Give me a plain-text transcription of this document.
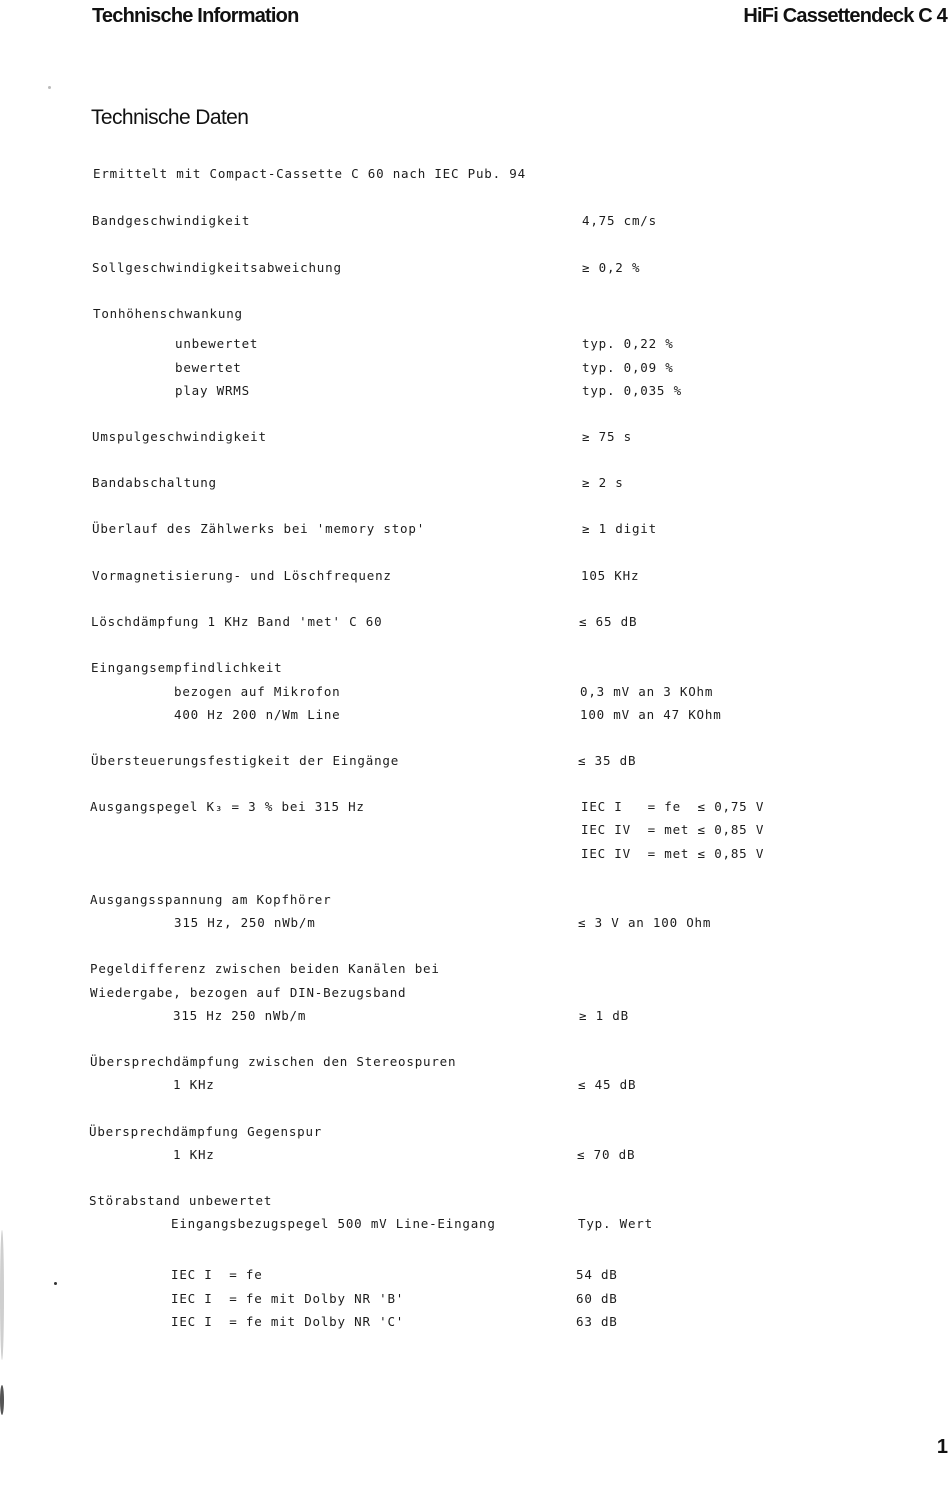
Technische Information	HiFi Cassettendeck C 4
Technische Daten
Ermittelt mit Compact-Cassette C 60 nach IEC Pub. 94
Bandgeschwindigkeit	4,75 cm/s
Sollgeschwindigkeitsabweichung	≥ 0,2 %
Tonhöhenschwankung
unbewertet	typ. 0,22 %
bewertet	typ. 0,09 %
play WRMS	typ. 0,035 %
Umspulgeschwindigkeit	≥ 75 s
Bandabschaltung	≥ 2 s
Überlauf des Zählwerks bei 'memory stop'	≥ 1 digit
Vormagnetisierung- und Löschfrequenz	105 KHz
Löschdämpfung 1 KHz Band 'met' C 60	≤ 65 dB
Eingangsempfindlichkeit
bezogen auf Mikrofon	0,3 mV an 3 KOhm
400 Hz 200 n/Wm Line	100 mV an 47 KOhm
Übersteuerungsfestigkeit der Eingänge	≤ 35 dB
Ausgangspegel K₃ = 3 % bei 315 Hz	IEC I   = fe  ≤ 0,75 V
IEC IV  = met ≤ 0,85 V
IEC IV  = met ≤ 0,85 V
Ausgangsspannung am Kopfhörer
315 Hz, 250 nWb/m	≤ 3 V an 100 Ohm
Pegeldifferenz zwischen beiden Kanälen bei
Wiedergabe, bezogen auf DIN-Bezugsband
315 Hz 250 nWb/m	≥ 1 dB
Übersprechdämpfung zwischen den Stereospuren
1 KHz	≤ 45 dB
Übersprechdämpfung Gegenspur
1 KHz	≤ 70 dB
Störabstand unbewertet
Eingangsbezugspegel 500 mV Line-Eingang	Typ. Wert
IEC I  = fe	54 dB
IEC I  = fe mit Dolby NR 'B'	60 dB
IEC I  = fe mit Dolby NR 'C'	63 dB
1
